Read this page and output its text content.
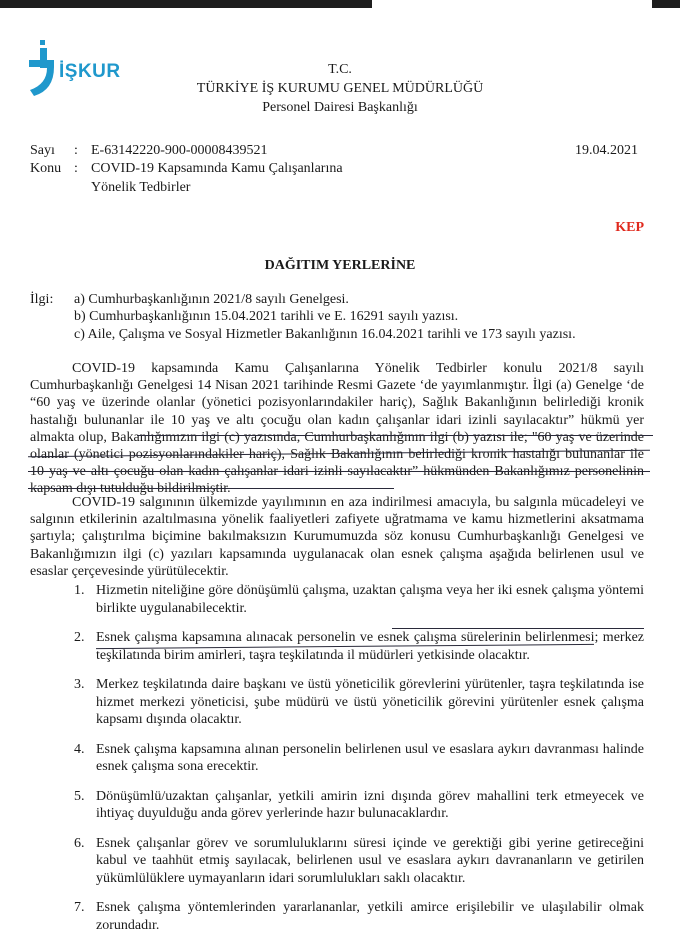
İŞKUR	T.C.
TÜRKİYE İŞ KURUMU GENEL MÜDÜRLÜĞÜ
Personel Dairesi Başkanlığı
Sayı : E-63142220-900-00008439521	19.04.2021
Konu : COVID-19 Kapsamında Kamu Çalışanlarına
Yönelik Tedbirler
KEP
DAĞITIM YERLERİNE
İlgi: a) Cumhurbaşkanlığının 2021/8 sayılı Genelgesi.
b) Cumhurbaşkanlığının 15.04.2021 tarihli ve E. 16291 sayılı yazısı.
c) Aile, Çalışma ve Sosyal Hizmetler Bakanlığının 16.04.2021 tarihli ve 173 sayılı yazısı.
COVID-19 kapsamında Kamu Çalışanlarına Yönelik Tedbirler konulu 2021/8 sayılı Cumhurbaşkanlığı Genelgesi 14 Nisan 2021 tarihinde Resmi Gazete ‘de yayımlanmıştır. İlgi (a) Genelge ‘de “60 yaş ve üzerinde olanlar (yönetici pozisyonlarındakiler hariç), Sağlık Bakanlığının belirlediği kronik hastalığı bulunanlar ile 10 yaş ve altı çocuğu olan kadın çalışanlar idari izinli sayılacaktır” hükmü yer almakta olup, Bakanlığımızın ilgi (c) yazısında, Cumhurbaşkanlığının ilgi (b) yazısı ile; "60 yaş ve üzerinde olanlar (yönetici pozisyonlarındakiler hariç), Sağlık Bakanlığının belirlediği kronik hastalığı bulunanlar ile 10 yaş ve altı çocuğu olan kadın çalışanlar idari izinli sayılacaktır” hükmünden Bakanlığımız personelinin kapsam dışı tutulduğu bildirilmiştir.
COVID-19 salgınının ülkemizde yayılımının en aza indirilmesi amacıyla, bu salgınla mücadeleyi ve salgının etkilerinin azaltılmasına yönelik faaliyetleri zafiyete uğratmama ve kamu hizmetlerini aksatmama şartıyla; çalıştırılma biçimine bakılmaksızın Kurumumuzda söz konusu Cumhurbaşkanlığı Genelgesi ve Bakanlığımızın ilgi (c) yazıları kapsamında uygulanacak olan esnek çalışma aşağıda belirlenen usul ve esaslar çerçevesinde yürütülecektir.
1. Hizmetin niteliğine göre dönüşümlü çalışma, uzaktan çalışma veya her iki esnek çalışma yöntemi birlikte uygulanabilecektir.
2. Esnek çalışma kapsamına alınacak personelin ve esnek çalışma sürelerinin belirlenmesi; merkez teşkilatında birim amirleri, taşra teşkilatında il müdürleri yetkisinde olacaktır.
3. Merkez teşkilatında daire başkanı ve üstü yöneticilik görevlerini yürütenler, taşra teşkilatında ise hizmet merkezi yöneticisi, şube müdürü ve üstü yöneticilik görevini yürütenler esnek çalışma kapsamı dışında olacaktır.
4. Esnek çalışma kapsamına alınan personelin belirlenen usul ve esaslara aykırı davranması halinde esnek çalışma sona erecektir.
5. Dönüşümlü/uzaktan çalışanlar, yetkili amirin izni dışında görev mahallini terk etmeyecek ve ihtiyaç duyulduğu anda görev yerlerinde hazır bulunacaklardır.
6. Esnek çalışanlar görev ve sorumluluklarını süresi içinde ve gerektiği gibi yerine getireceğini kabul ve taahhüt etmiş sayılacak, belirlenen usul ve esaslara aykırı davrananların ve getirilen yükümlülüklere uymayanların idari sorumlulukları saklı olacaktır.
7. Esnek çalışma yöntemlerinden yararlananlar, yetkili amirce erişilebilir ve ulaşılabilir olmak zorundadır.
